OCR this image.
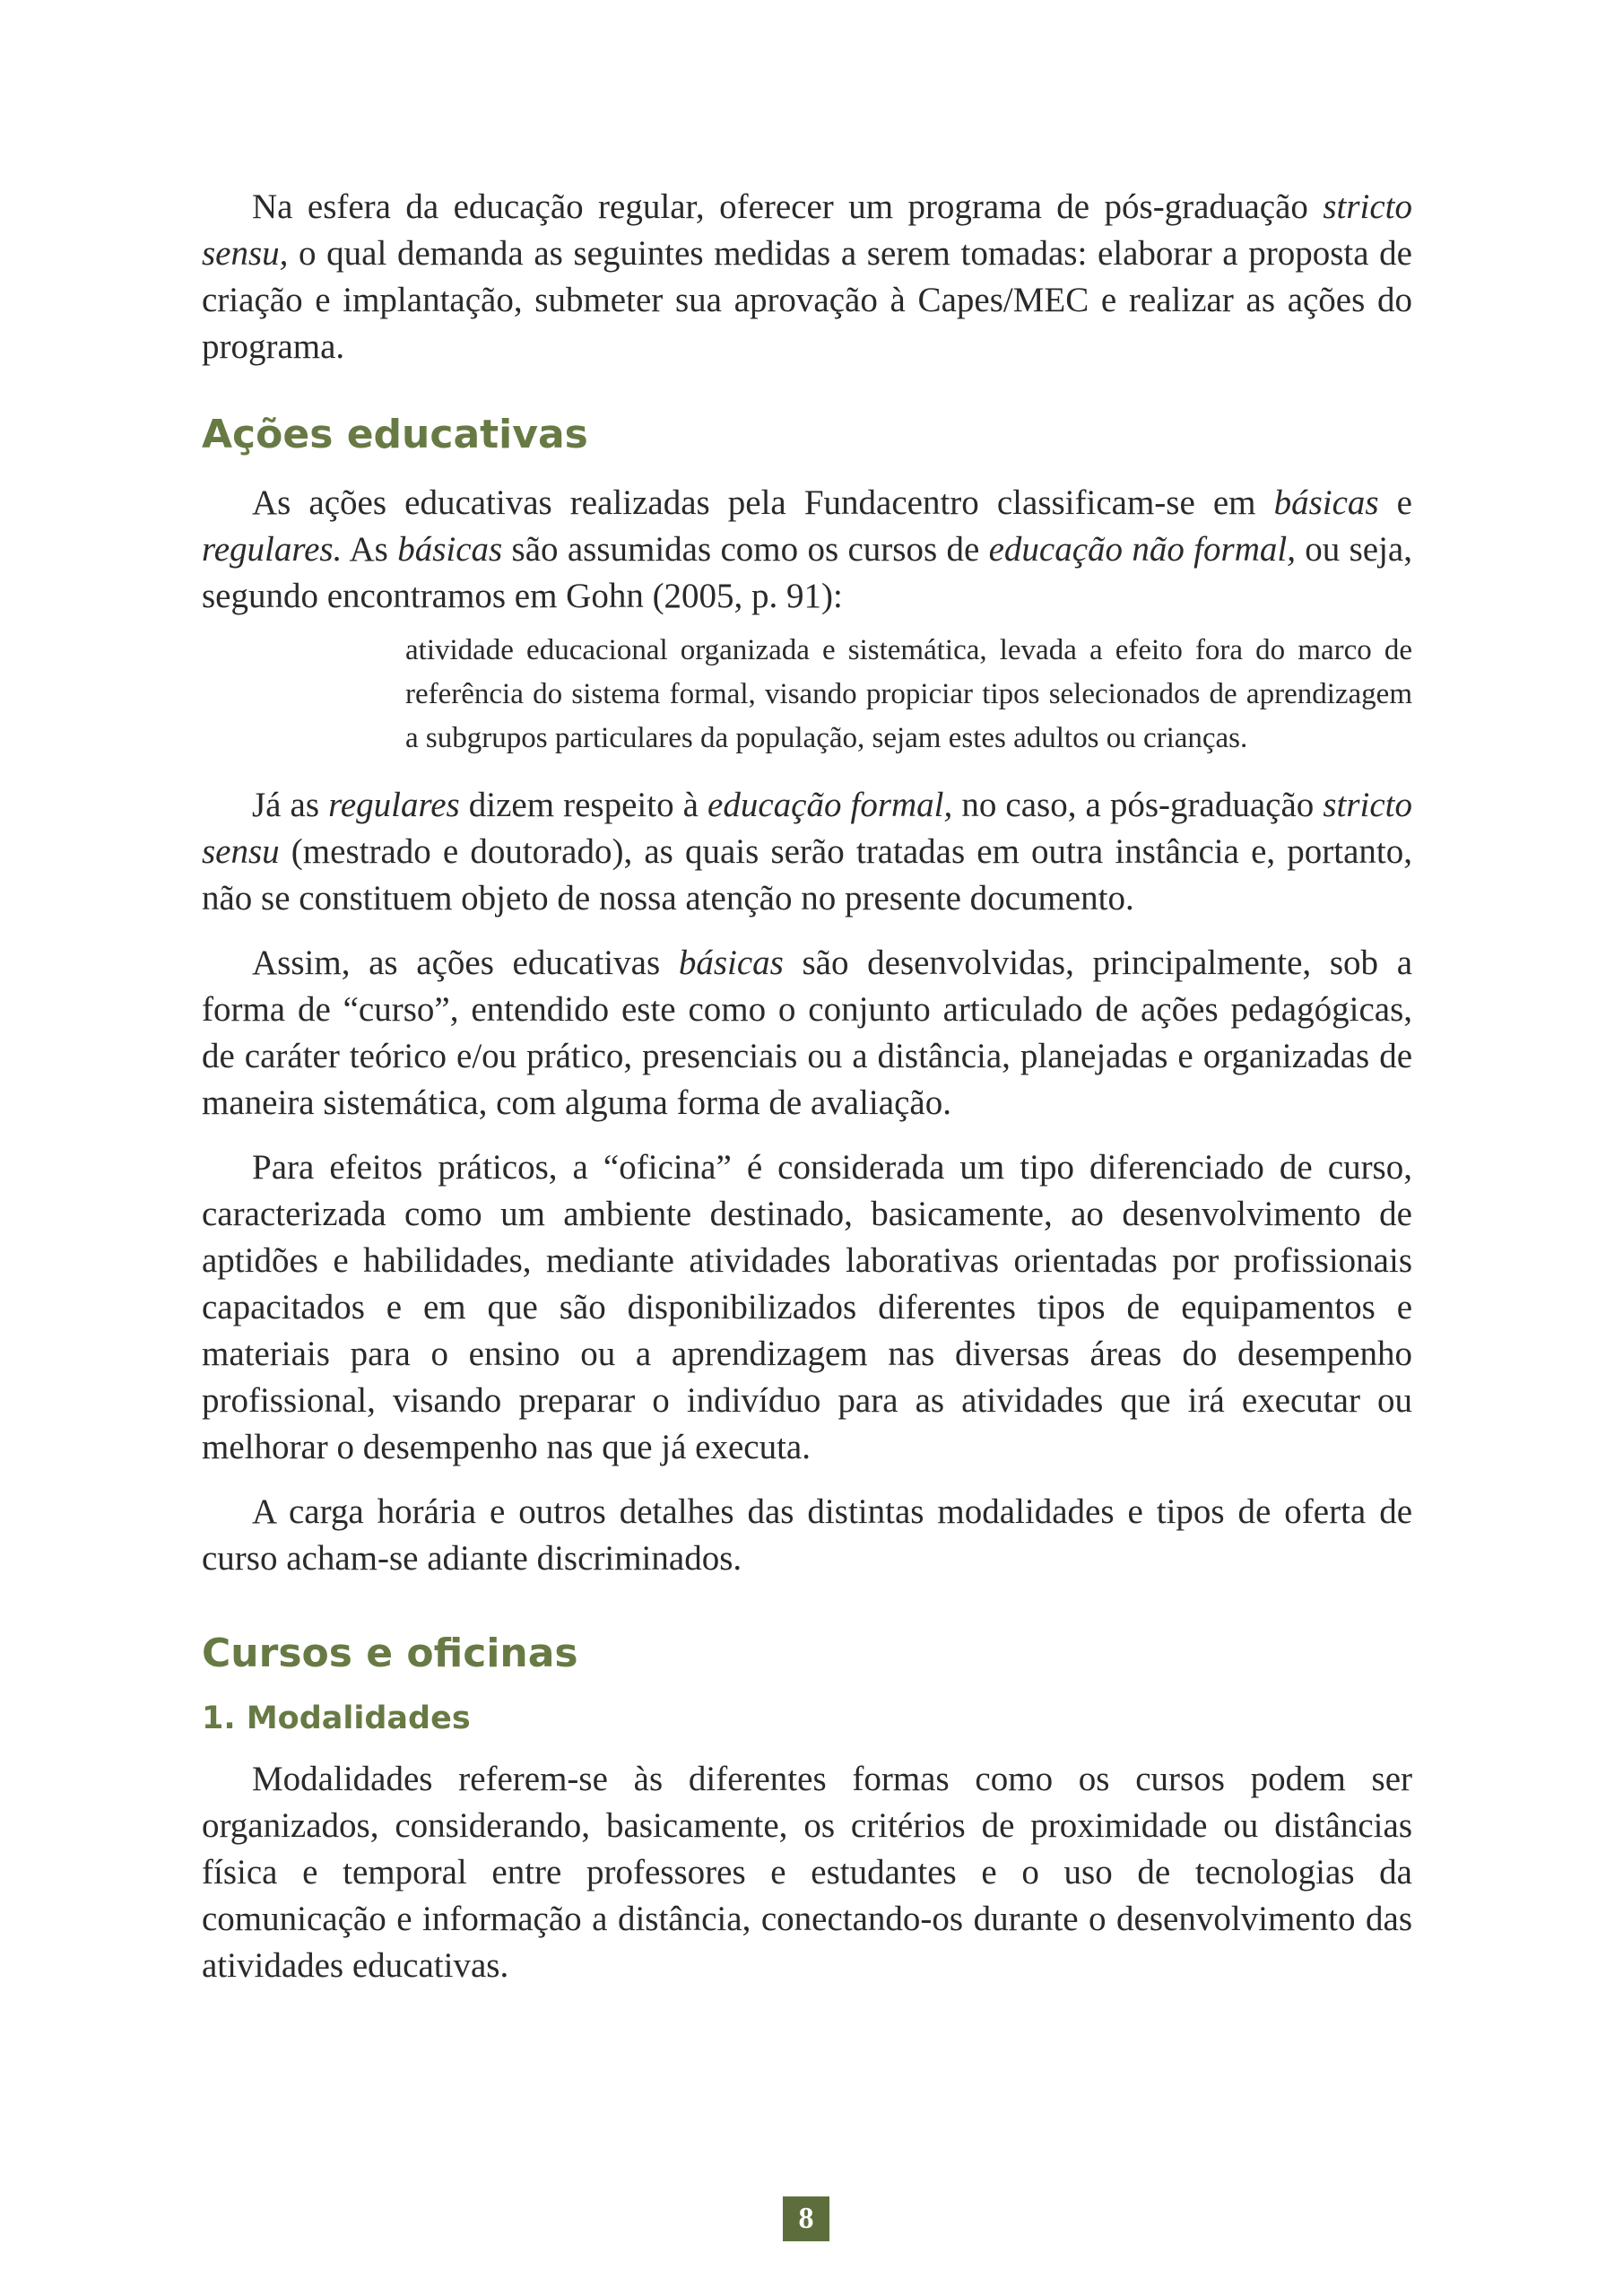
Na esfera da educação regular, oferecer um programa de pós-graduação stricto sensu, o qual demanda as seguintes medidas a serem tomadas: elaborar a proposta de criação e implantação, submeter sua aprovação à Capes/MEC e realizar as ações do programa.

Ações educativas

As ações educativas realizadas pela Fundacentro classificam-se em básicas e regulares. As básicas são assumidas como os cursos de educação não formal, ou seja, segundo encontramos em Gohn (2005, p. 91):

atividade educacional organizada e sistemática, levada a efeito fora do marco de referência do sistema formal, visando propiciar tipos selecionados de aprendizagem a subgrupos particulares da população, sejam estes adultos ou crianças.

Já as regulares dizem respeito à educação formal, no caso, a pós-graduação stricto sensu (mestrado e doutorado), as quais serão tratadas em outra instância e, portanto, não se constituem objeto de nossa atenção no presente documento.

Assim, as ações educativas básicas são desenvolvidas, principalmente, sob a forma de “curso”, entendido este como o conjunto articulado de ações pedagógicas, de caráter teórico e/ou prático, presenciais ou a distância, planejadas e organizadas de maneira sistemática, com alguma forma de avaliação.

Para efeitos práticos, a “oficina” é considerada um tipo diferenciado de curso, caracterizada como um ambiente destinado, basicamente, ao desenvolvimento de aptidões e habilidades, mediante atividades laborativas orientadas por profissionais capacitados e em que são disponibilizados diferentes tipos de equipamentos e materiais para o ensino ou a aprendizagem nas diversas áreas do desempenho profissional, visando preparar o indivíduo para as atividades que irá executar ou melhorar o desempenho nas que já executa.

A carga horária e outros detalhes das distintas modalidades e tipos de oferta de curso acham-se adiante discriminados.

Cursos e oficinas
1. Modalidades

Modalidades referem-se às diferentes formas como os cursos podem ser organizados, considerando, basicamente, os critérios de proximidade ou distâncias física e temporal entre professores e estudantes e o uso de tecnologias da comunicação e informação a distância, conectando-os durante o desenvolvimento das atividades educativas.

8
